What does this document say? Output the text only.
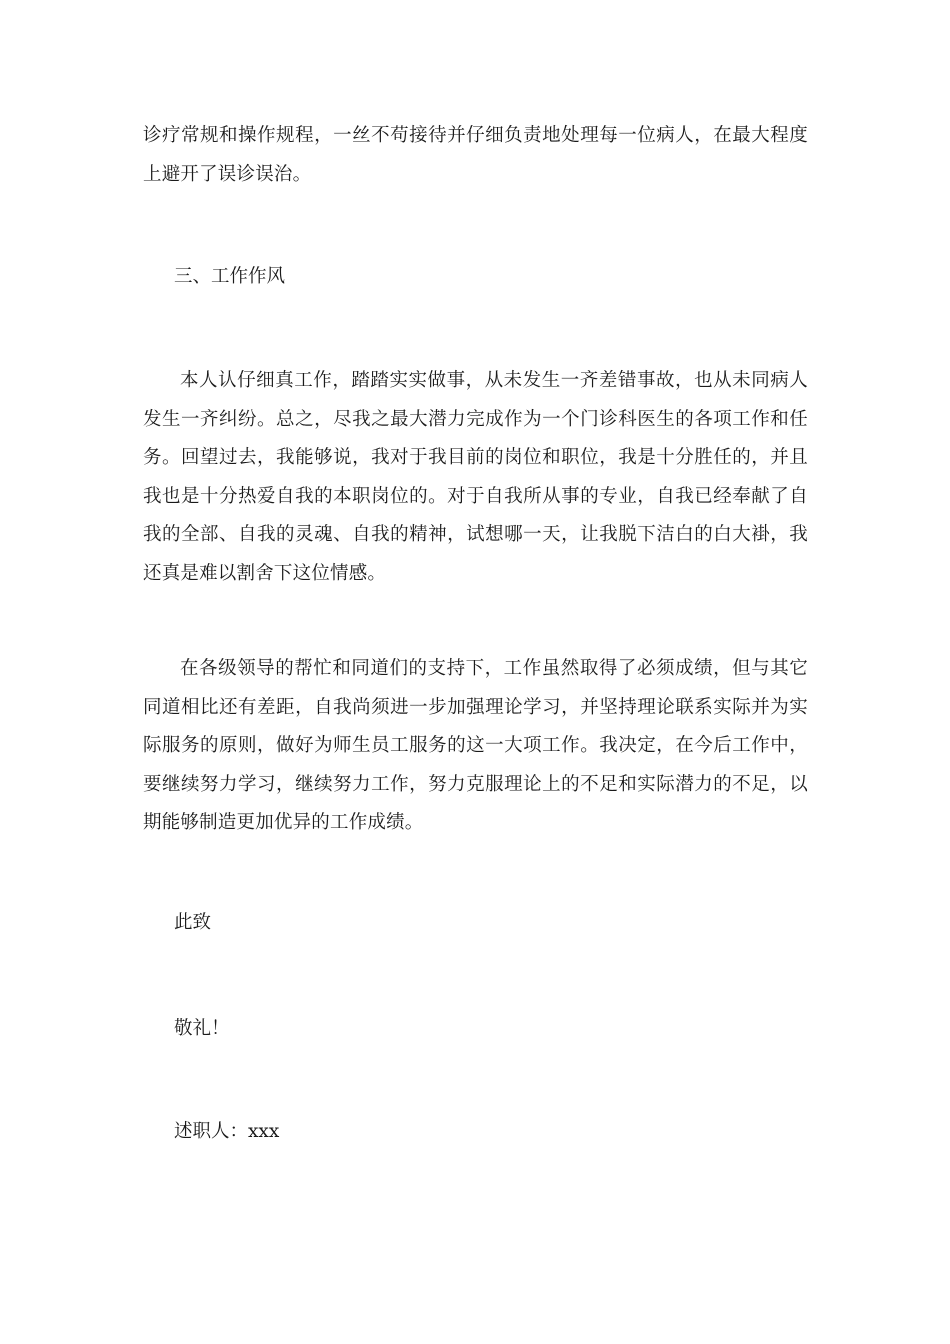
诊疗常规和操作规程，一丝不苟接待并仔细负责地处理每一位病人，在最大程度上避开了误诊误治。

三、工作作风

本人认仔细真工作，踏踏实实做事，从未发生一齐差错事故，也从未同病人发生一齐纠纷。总之，尽我之最大潜力完成作为一个门诊科医生的各项工作和任务。回望过去，我能够说，我对于我目前的岗位和职位，我是十分胜任的，并且我也是十分热爱自我的本职岗位的。对于自我所从事的专业，自我已经奉献了自我的全部、自我的灵魂、自我的精神，试想哪一天，让我脱下洁白的白大褂，我还真是难以割舍下这位情感。

在各级领导的帮忙和同道们的支持下，工作虽然取得了必须成绩，但与其它同道相比还有差距，自我尚须进一步加强理论学习，并坚持理论联系实际并为实际服务的原则，做好为师生员工服务的这一大项工作。我决定，在今后工作中，要继续努力学习，继续努力工作，努力克服理论上的不足和实际潜力的不足，以期能够制造更加优异的工作成绩。

此致

敬礼！

述职人：xxx
